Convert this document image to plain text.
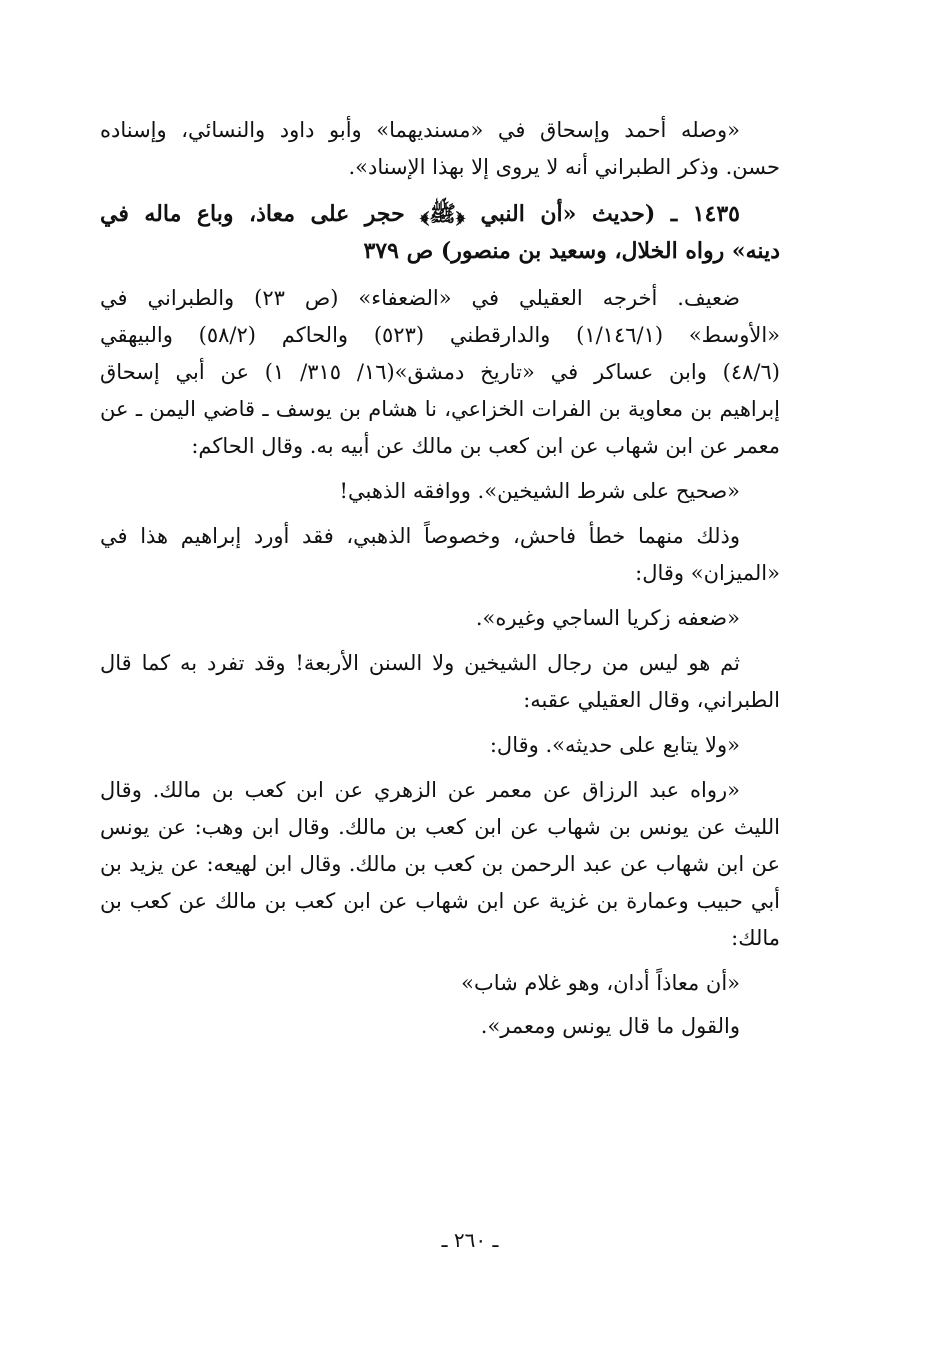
«وصله أحمد وإسحاق في «مسنديهما» وأبو داود والنسائي، وإسناده
حسن. وذكر الطبراني أنه لا يروى إلا بهذا الإسناد».
١٤٣٥ ـ (حديث «أن النبي ﴿ﷺ﴾ حجر على معاذ، وباع ماله في
دينه» رواه الخلال، وسعيد بن منصور) ص ٣٧٩
ضعيف. أخرجه العقيلي في «الضعفاء» (ص ٢٣) والطبراني في
«الأوسط» (١/١٤٦/١) والدارقطني (٥٢٣) والحاكم (٥٨/٢) والبيهقي
(٤٨/٦) وابن عساكر في «تاريخ دمشق»(١٦/ ٣١٥/ ١) عن أبي إسحاق
إبراهيم بن معاوية بن الفرات الخزاعي، نا هشام بن يوسف ـ قاضي اليمن ـ عن
معمر عن ابن شهاب عن ابن كعب بن مالك عن أبيه به. وقال الحاكم:
«صحيح على شرط الشيخين». ووافقه الذهبي!
وذلك منهما خطأ فاحش، وخصوصاً الذهبي، فقد أورد إبراهيم هذا في
«الميزان» وقال:
«ضعفه زكريا الساجي وغيره».
ثم هو ليس من رجال الشيخين ولا السنن الأربعة! وقد تفرد به كما قال
الطبراني، وقال العقيلي عقبه:
«ولا يتابع على حديثه». وقال:
«رواه عبد الرزاق عن معمر عن الزهري عن ابن كعب بن مالك. وقال
الليث عن يونس بن شهاب عن ابن كعب بن مالك. وقال ابن وهب: عن يونس
عن ابن شهاب عن عبد الرحمن بن كعب بن مالك. وقال ابن لهيعه: عن يزيد بن
أبي حبيب وعمارة بن غزية عن ابن شهاب عن ابن كعب بن مالك عن كعب بن
مالك:
«أن معاذاً أدان، وهو غلام شاب»
والقول ما قال يونس ومعمر».
ـ ٢٦٠ ـ
